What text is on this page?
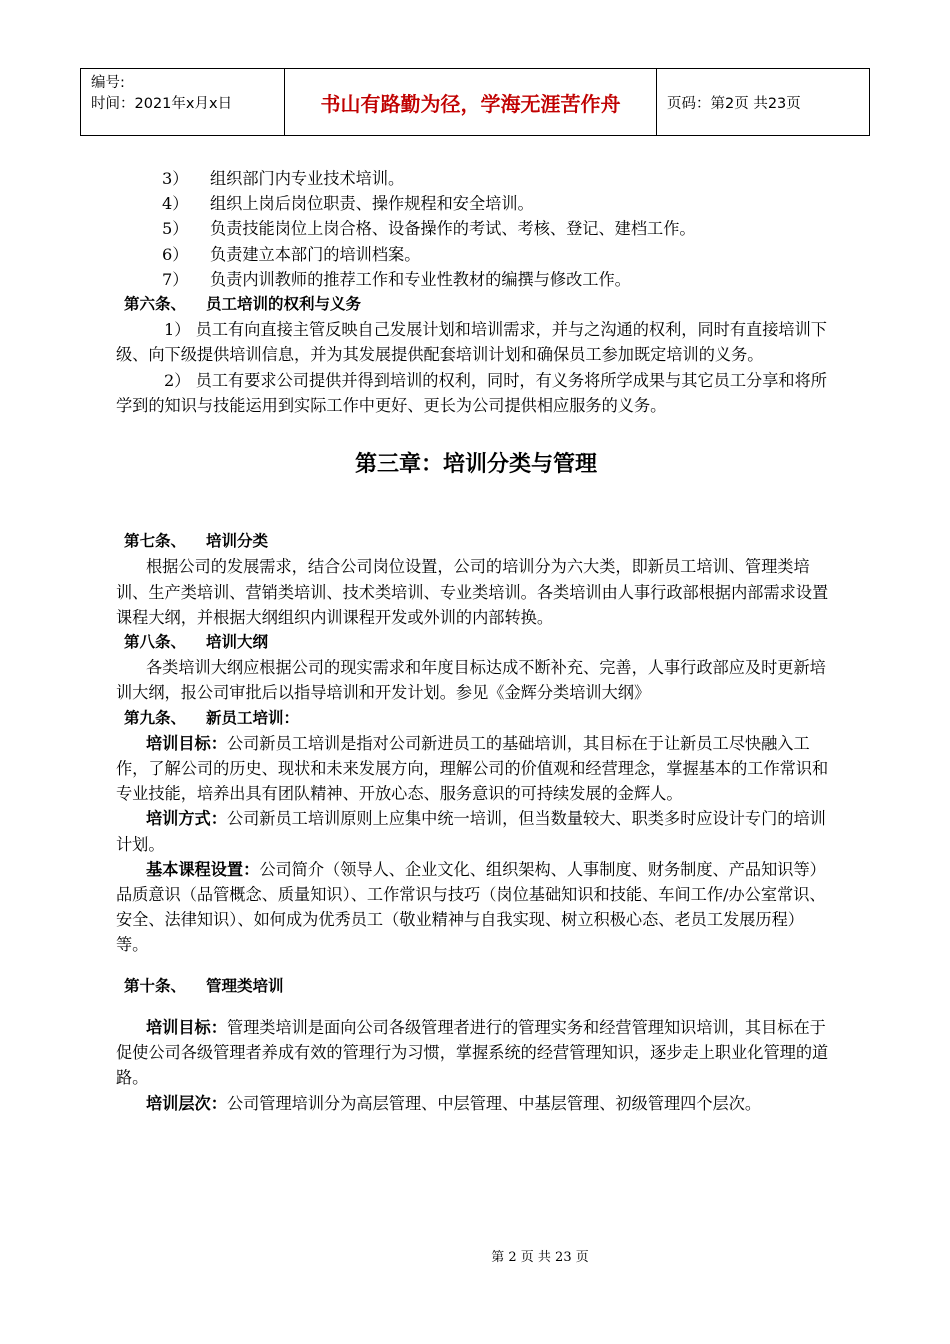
编号:
时间：2021年x月x日	书山有路勤为径，学海无涯苦作舟	页码：第2页 共23页
3） 组织部门内专业技术培训。
4） 组织上岗后岗位职责、操作规程和安全培训。
5） 负责技能岗位上岗合格、设备操作的考试、考核、登记、建档工作。
6） 负责建立本部门的培训档案。
7） 负责内训教师的推荐工作和专业性教材的编撰与修改工作。
第六条、 员工培训的权利与义务

1） 员工有向直接主管反映自己发展计划和培训需求，并与之沟通的权利，同时有直接培训下级、向下级提供培训信息，并为其发展提供配套培训计划和确保员工参加既定培训的义务。

2） 员工有要求公司提供并得到培训的权利，同时，有义务将所学成果与其它员工分享和将所学到的知识与技能运用到实际工作中更好、更长为公司提供相应服务的义务。

第三章：培训分类与管理
第七条、 培训分类

根据公司的发展需求，结合公司岗位设置，公司的培训分为六大类，即新员工培训、管理类培训、生产类培训、营销类培训、技术类培训、专业类培训。各类培训由人事行政部根据内部需求设置课程大纲，并根据大纲组织内训课程开发或外训的内部转换。

第八条、 培训大纲

各类培训大纲应根据公司的现实需求和年度目标达成不断补充、完善，人事行政部应及时更新培训大纲，报公司审批后以指导培训和开发计划。参见《金辉分类培训大纲》

第九条、 新员工培训：

培训目标：公司新员工培训是指对公司新进员工的基础培训，其目标在于让新员工尽快融入工作，了解公司的历史、现状和未来发展方向，理解公司的价值观和经营理念，掌握基本的工作常识和专业技能，培养出具有团队精神、开放心态、服务意识的可持续发展的金辉人。

培训方式：公司新员工培训原则上应集中统一培训，但当数量较大、职类多时应设计专门的培训计划。

基本课程设置：公司简介（领导人、企业文化、组织架构、人事制度、财务制度、产品知识等）品质意识（品管概念、质量知识）、工作常识与技巧（岗位基础知识和技能、车间工作/办公室常识、安全、法律知识）、如何成为优秀员工（敬业精神与自我实现、树立积极心态、老员工发展历程）等。

第十条、 管理类培训

培训目标：管理类培训是面向公司各级管理者进行的管理实务和经营管理知识培训，其目标在于促使公司各级管理者养成有效的管理行为习惯，掌握系统的经营管理知识，逐步走上职业化管理的道路。

培训层次：公司管理培训分为高层管理、中层管理、中基层管理、初级管理四个层次。

第 2 页 共 23 页
